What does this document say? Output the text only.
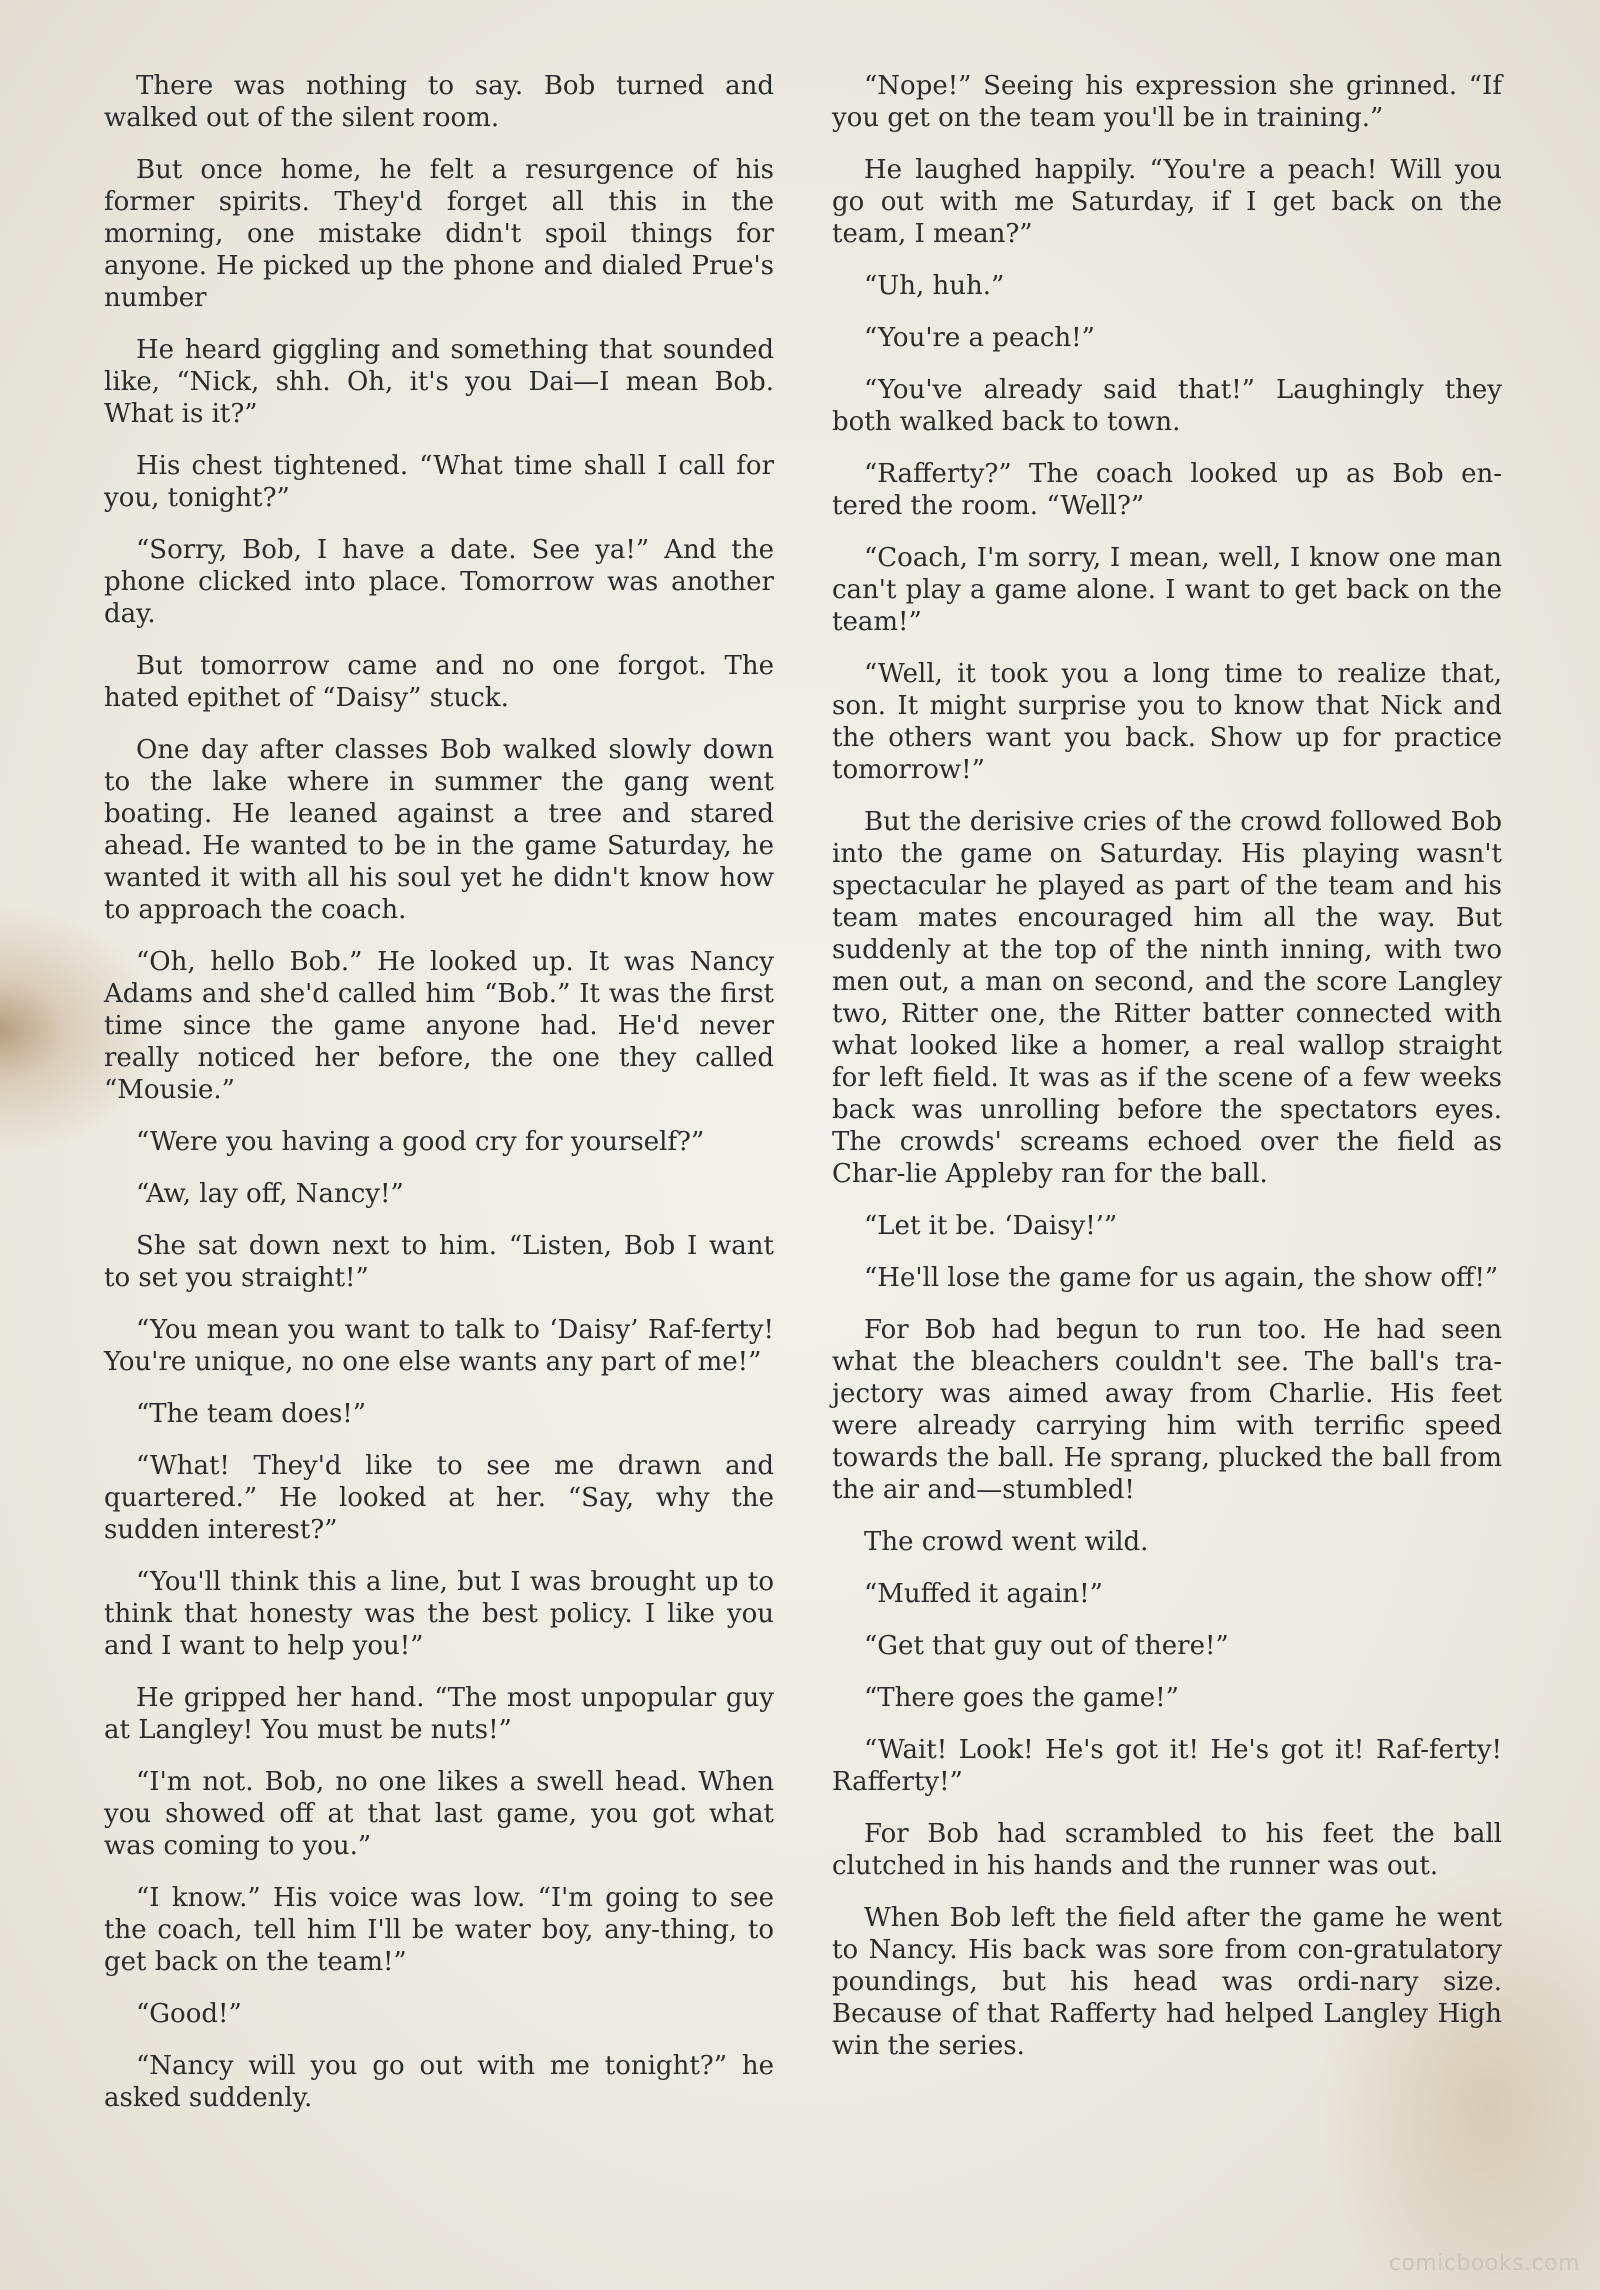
There was nothing to say. Bob turned and walked out of the silent room.

But once home, he felt a resurgence of his former spirits. They'd forget all this in the morning, one mistake didn't spoil things for anyone. He picked up the phone and dialed Prue's number

He heard giggling and something that sounded like, “Nick, shh. Oh, it's you Dai—I mean Bob. What is it?”

His chest tightened. “What time shall I call for you, tonight?”

“Sorry, Bob, I have a date. See ya!” And the phone clicked into place. Tomorrow was another day.

But tomorrow came and no one forgot. The hated epithet of “Daisy” stuck.

One day after classes Bob walked slowly down to the lake where in summer the gang went boating. He leaned against a tree and stared ahead. He wanted to be in the game Saturday, he wanted it with all his soul yet he didn't know how to approach the coach.

“Oh, hello Bob.” He looked up. It was Nancy Adams and she'd called him “Bob.” It was the first time since the game anyone had. He'd never really noticed her before, the one they called “Mousie.”

“Were you having a good cry for yourself?”

“Aw, lay off, Nancy!”

She sat down next to him. “Listen, Bob I want to set you straight!”

“You mean you want to talk to ‘Daisy’ Raf-ferty! You're unique, no one else wants any part of me!”

“The team does!”

“What! They'd like to see me drawn and quartered.” He looked at her. “Say, why the sudden interest?”

“You'll think this a line, but I was brought up to think that honesty was the best policy. I like you and I want to help you!”

He gripped her hand. “The most unpopular guy at Langley! You must be nuts!”

“I'm not. Bob, no one likes a swell head. When you showed off at that last game, you got what was coming to you.”

“I know.” His voice was low. “I'm going to see the coach, tell him I'll be water boy, any-thing, to get back on the team!”

“Good!”

“Nancy will you go out with me tonight?” he asked suddenly.

“Nope!” Seeing his expression she grinned. “If you get on the team you'll be in training.”

He laughed happily. “You're a peach! Will you go out with me Saturday, if I get back on the team, I mean?”

“Uh, huh.”

“You're a peach!”

“You've already said that!” Laughingly they both walked back to town.

“Rafferty?” The coach looked up as Bob en-tered the room. “Well?”

“Coach, I'm sorry, I mean, well, I know one man can't play a game alone. I want to get back on the team!”

“Well, it took you a long time to realize that, son. It might surprise you to know that Nick and the others want you back. Show up for practice tomorrow!”

But the derisive cries of the crowd followed Bob into the game on Saturday. His playing wasn't spectacular he played as part of the team and his team mates encouraged him all the way. But suddenly at the top of the ninth inning, with two men out, a man on second, and the score Langley two, Ritter one, the Ritter batter connected with what looked like a homer, a real wallop straight for left field. It was as if the scene of a few weeks back was unrolling before the spectators eyes. The crowds' screams echoed over the field as Char-lie Appleby ran for the ball.

“Let it be. ‘Daisy!’”

“He'll lose the game for us again, the show off!”

For Bob had begun to run too. He had seen what the bleachers couldn't see. The ball's tra-jectory was aimed away from Charlie. His feet were already carrying him with terrific speed towards the ball. He sprang, plucked the ball from the air and—stumbled!

The crowd went wild.

“Muffed it again!”

“Get that guy out of there!”

“There goes the game!”

“Wait! Look! He's got it! He's got it! Raf-ferty! Rafferty!”

For Bob had scrambled to his feet the ball clutched in his hands and the runner was out.

When Bob left the field after the game he went to Nancy. His back was sore from con-gratulatory poundings, but his head was ordi-nary size. Because of that Rafferty had helped Langley High win the series.

comicbooks.com
